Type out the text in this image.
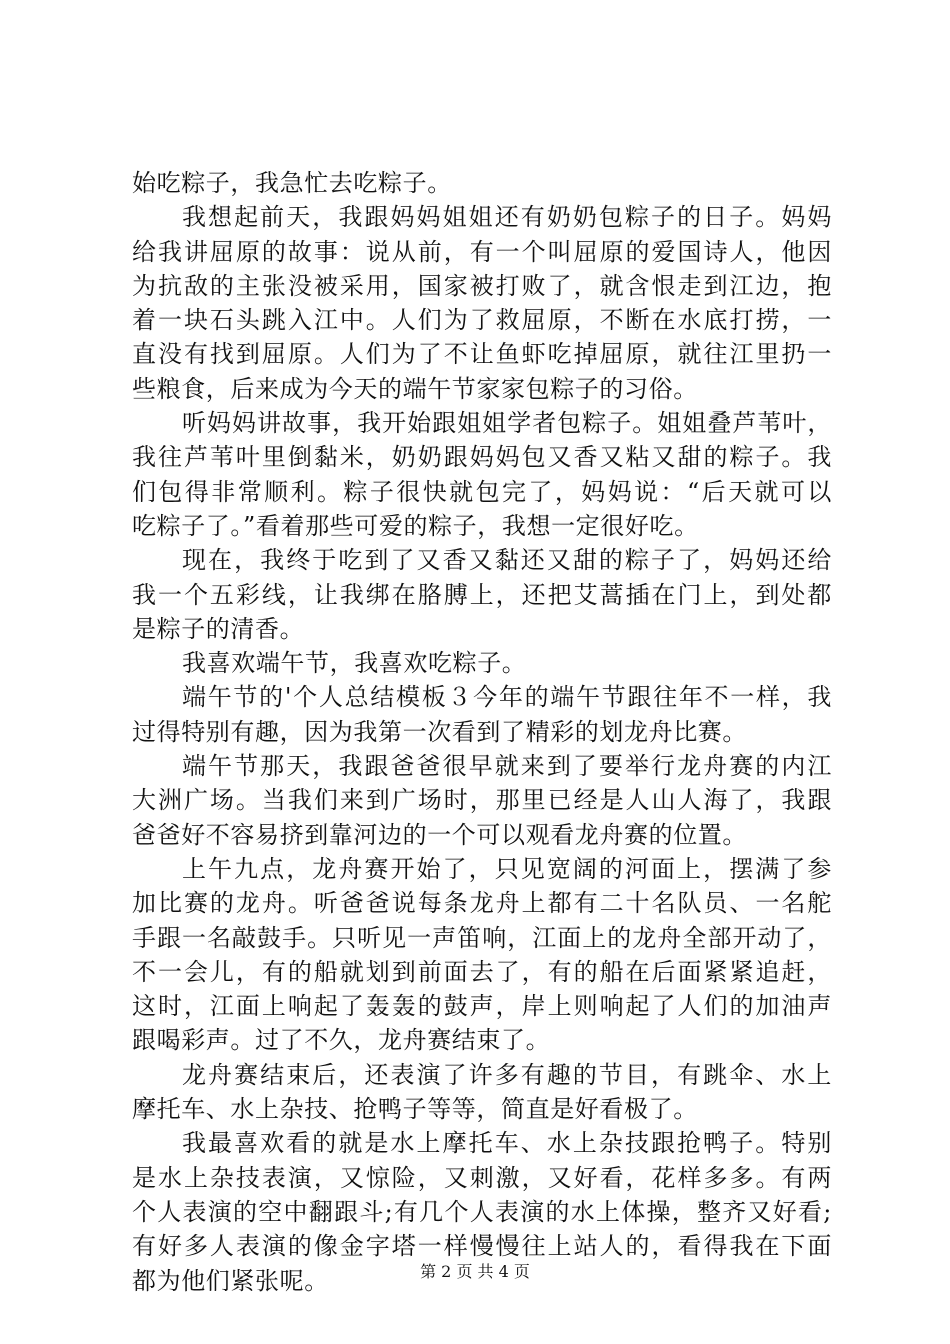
始吃粽子，我急忙去吃粽子。
我想起前天，我跟妈妈姐姐还有奶奶包粽子的日子。妈妈
给我讲屈原的故事：说从前，有一个叫屈原的爱国诗人，他因
为抗敌的主张没被采用，国家被打败了，就含恨走到江边，抱
着一块石头跳入江中。人们为了救屈原，不断在水底打捞，一
直没有找到屈原。人们为了不让鱼虾吃掉屈原，就往江里扔一
些粮食，后来成为今天的端午节家家包粽子的习俗。
听妈妈讲故事，我开始跟姐姐学者包粽子。姐姐叠芦苇叶，
我往芦苇叶里倒黏米，奶奶跟妈妈包又香又粘又甜的粽子。我
们包得非常顺利。粽子很快就包完了，妈妈说：“后天就可以
吃粽子了。”看着那些可爱的粽子，我想一定很好吃。
现在，我终于吃到了又香又黏还又甜的粽子了，妈妈还给
我一个五彩线，让我绑在胳膊上，还把艾蒿插在门上，到处都
是粽子的清香。
我喜欢端午节，我喜欢吃粽子。
端午节的'个人总结模板３今年的端午节跟往年不一样，我
过得特别有趣，因为我第一次看到了精彩的划龙舟比赛。
端午节那天，我跟爸爸很早就来到了要举行龙舟赛的内江
大洲广场。当我们来到广场时，那里已经是人山人海了，我跟
爸爸好不容易挤到靠河边的一个可以观看龙舟赛的位置。
上午九点，龙舟赛开始了，只见宽阔的河面上，摆满了参
加比赛的龙舟。听爸爸说每条龙舟上都有二十名队员、一名舵
手跟一名敲鼓手。只听见一声笛响，江面上的龙舟全部开动了，
不一会儿，有的船就划到前面去了，有的船在后面紧紧追赶，
这时，江面上响起了轰轰的鼓声，岸上则响起了人们的加油声
跟喝彩声。过了不久，龙舟赛结束了。
龙舟赛结束后，还表演了许多有趣的节目，有跳伞、水上
摩托车、水上杂技、抢鸭子等等，简直是好看极了。
我最喜欢看的就是水上摩托车、水上杂技跟抢鸭子。特别
是水上杂技表演，又惊险，又刺激，又好看，花样多多。有两
个人表演的空中翻跟斗;有几个人表演的水上体操，整齐又好看;
有好多人表演的像金字塔一样慢慢往上站人的，看得我在下面
都为他们紧张呢。	第 2 页 共 4 页
